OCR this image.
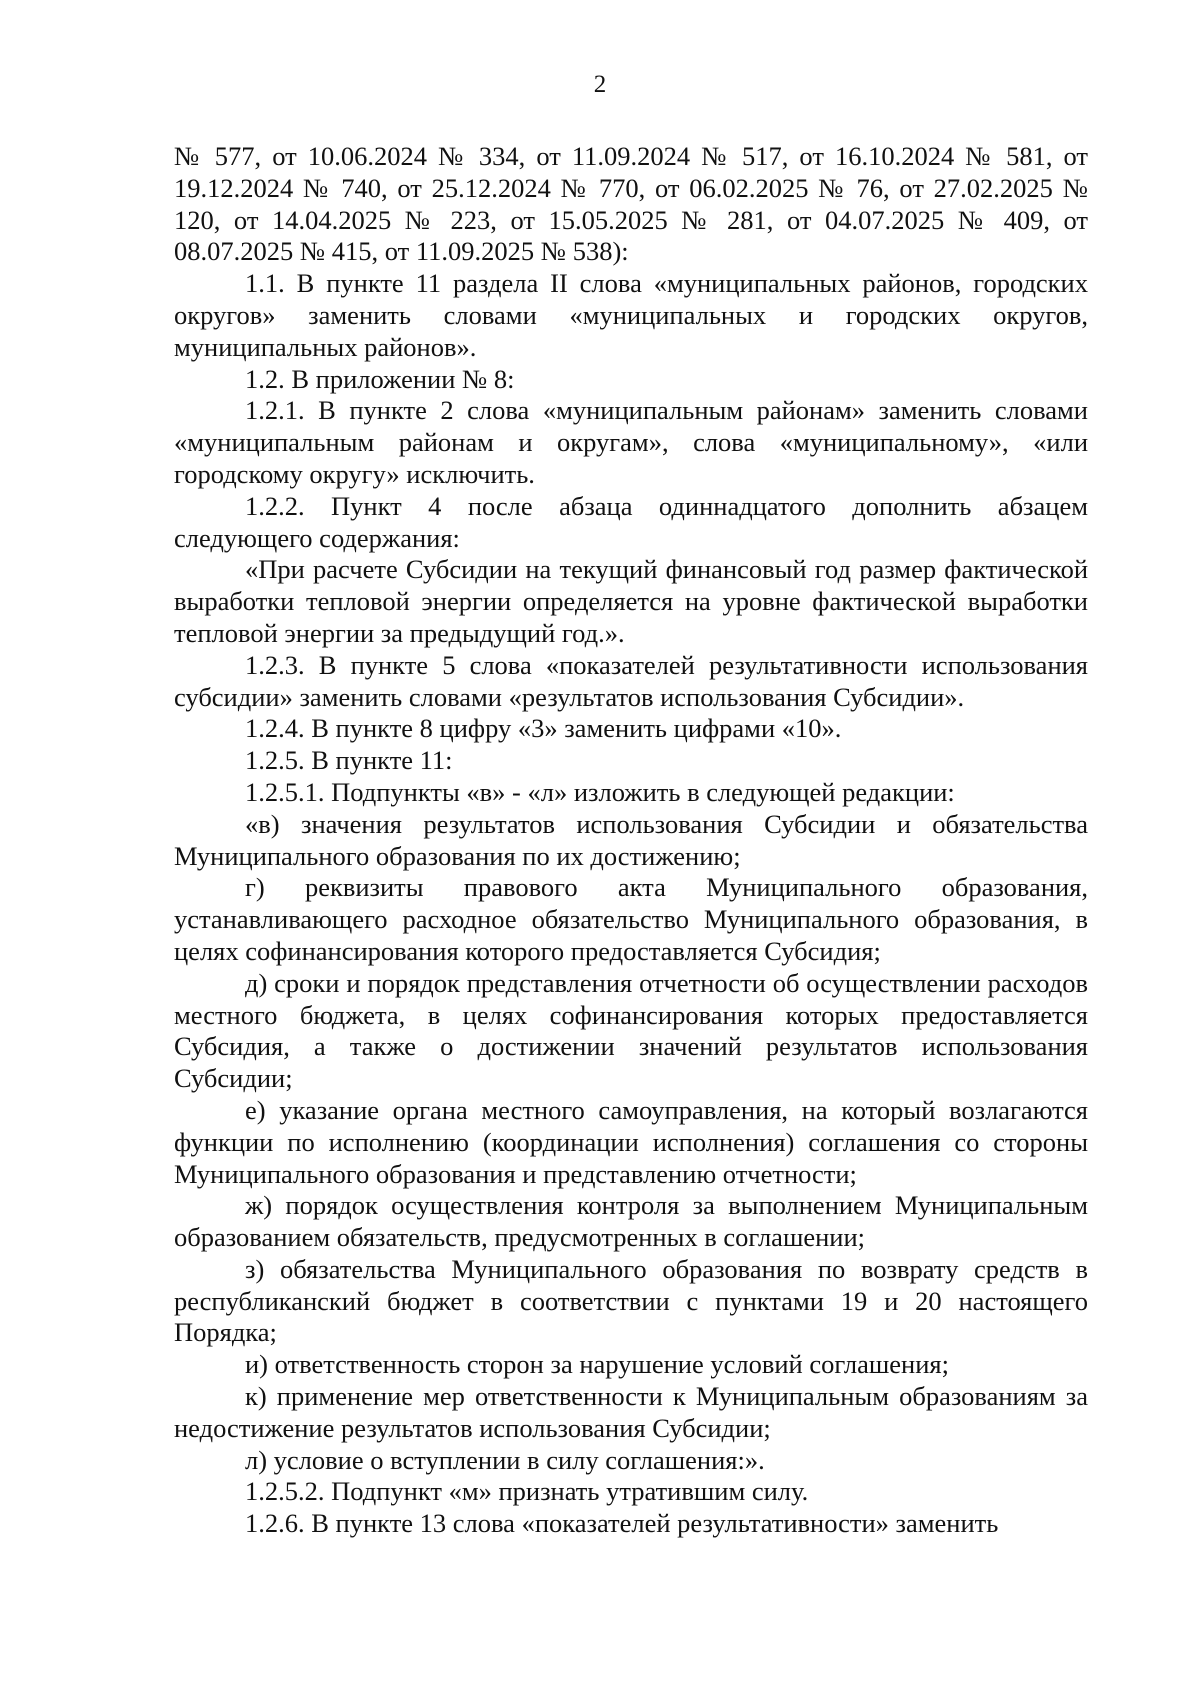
2

№ 577, от 10.06.2024 № 334, от 11.09.2024 № 517, от 16.10.2024 № 581, от 19.12.2024 № 740, от 25.12.2024 № 770, от 06.02.2025 № 76, от 27.02.2025 № 120, от 14.04.2025 № 223, от 15.05.2025 № 281, от 04.07.2025 № 409, от 08.07.2025 № 415, от 11.09.2025 № 538):

1.1. В пункте 11 раздела II слова «муниципальных районов, городских округов» заменить словами «муниципальных и городских округов, муниципальных районов».

1.2. В приложении № 8:

1.2.1. В пункте 2 слова «муниципальным районам» заменить словами «муниципальным районам и округам», слова «муниципальному», «или городскому округу» исключить.

1.2.2. Пункт 4 после абзаца одиннадцатого дополнить абзацем следующего содержания:

«При расчете Субсидии на текущий финансовый год размер фактической выработки тепловой энергии определяется на уровне фактической выработки тепловой энергии за предыдущий год.».

1.2.3. В пункте 5 слова «показателей результативности использования субсидии» заменить словами «результатов использования Субсидии».

1.2.4. В пункте 8 цифру «3» заменить цифрами «10».

1.2.5. В пункте 11:

1.2.5.1. Подпункты «в» - «л» изложить в следующей редакции:

«в) значения результатов использования Субсидии и обязательства Муниципального образования по их достижению;

г) реквизиты правового акта Муниципального образования, устанавливающего расходное обязательство Муниципального образования, в целях софинансирования которого предоставляется Субсидия;

д) сроки и порядок представления отчетности об осуществлении расходов местного бюджета, в целях софинансирования которых предоставляется Субсидия, а также о достижении значений результатов использования Субсидии;

е) указание органа местного самоуправления, на который возлагаются функции по исполнению (координации исполнения) соглашения со стороны Муниципального образования и представлению отчетности;

ж) порядок осуществления контроля за выполнением Муниципальным образованием обязательств, предусмотренных в соглашении;

з) обязательства Муниципального образования по возврату средств в республиканский бюджет в соответствии с пунктами 19 и 20 настоящего Порядка;

и) ответственность сторон за нарушение условий соглашения;

к) применение мер ответственности к Муниципальным образованиям за недостижение результатов использования Субсидии;

л) условие о вступлении в силу соглашения:».

1.2.5.2. Подпункт «м» признать утратившим силу.

1.2.6. В пункте 13 слова «показателей результативности» заменить
